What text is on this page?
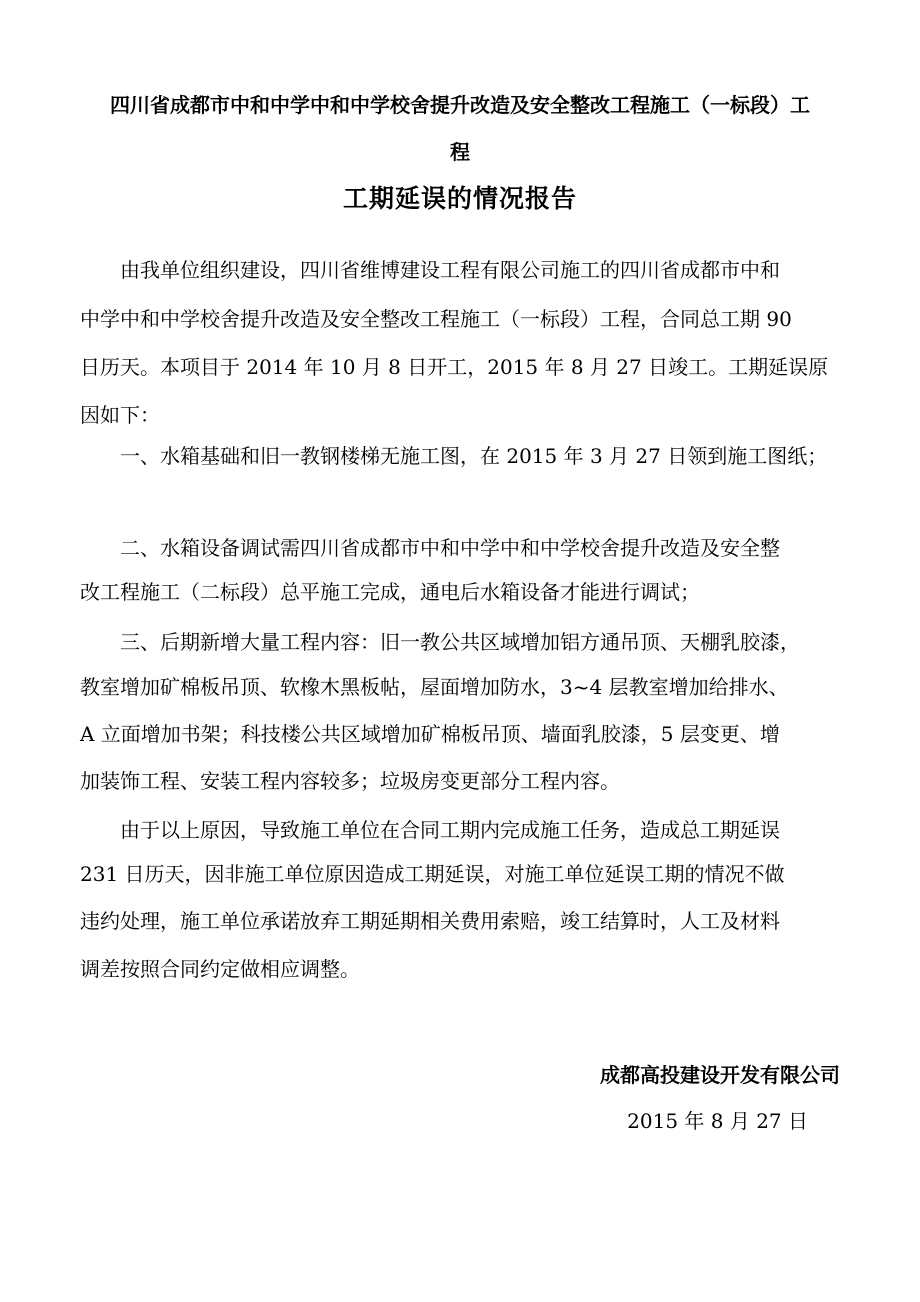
四川省成都市中和中学中和中学校舍提升改造及安全整改工程施工（一标段）工

程

工期延误的情况报告

由我单位组织建设，四川省维博建设工程有限公司施工的四川省成都市中和

中学中和中学校舍提升改造及安全整改工程施工（一标段）工程，合同总工期 90

日历天。本项目于 2014 年 10 月 8 日开工，2015 年 8 月 27 日竣工。工期延误原

因如下：

一、水箱基础和旧一教钢楼梯无施工图，在 2015 年 3 月 27 日领到施工图纸；

二、水箱设备调试需四川省成都市中和中学中和中学校舍提升改造及安全整

改工程施工（二标段）总平施工完成，通电后水箱设备才能进行调试；

三、后期新增大量工程内容：旧一教公共区域增加铝方通吊顶、天棚乳胶漆，

教室增加矿棉板吊顶、软橡木黑板帖，屋面增加防水，3~4 层教室增加给排水、

A 立面增加书架；科技楼公共区域增加矿棉板吊顶、墙面乳胶漆，5 层变更、增

加装饰工程、安装工程内容较多；垃圾房变更部分工程内容。

由于以上原因，导致施工单位在合同工期内完成施工任务，造成总工期延误

231 日历天，因非施工单位原因造成工期延误，对施工单位延误工期的情况不做

违约处理，施工单位承诺放弃工期延期相关费用索赔，竣工结算时，人工及材料

调差按照合同约定做相应调整。

成都高投建设开发有限公司

2015 年 8 月 27 日
